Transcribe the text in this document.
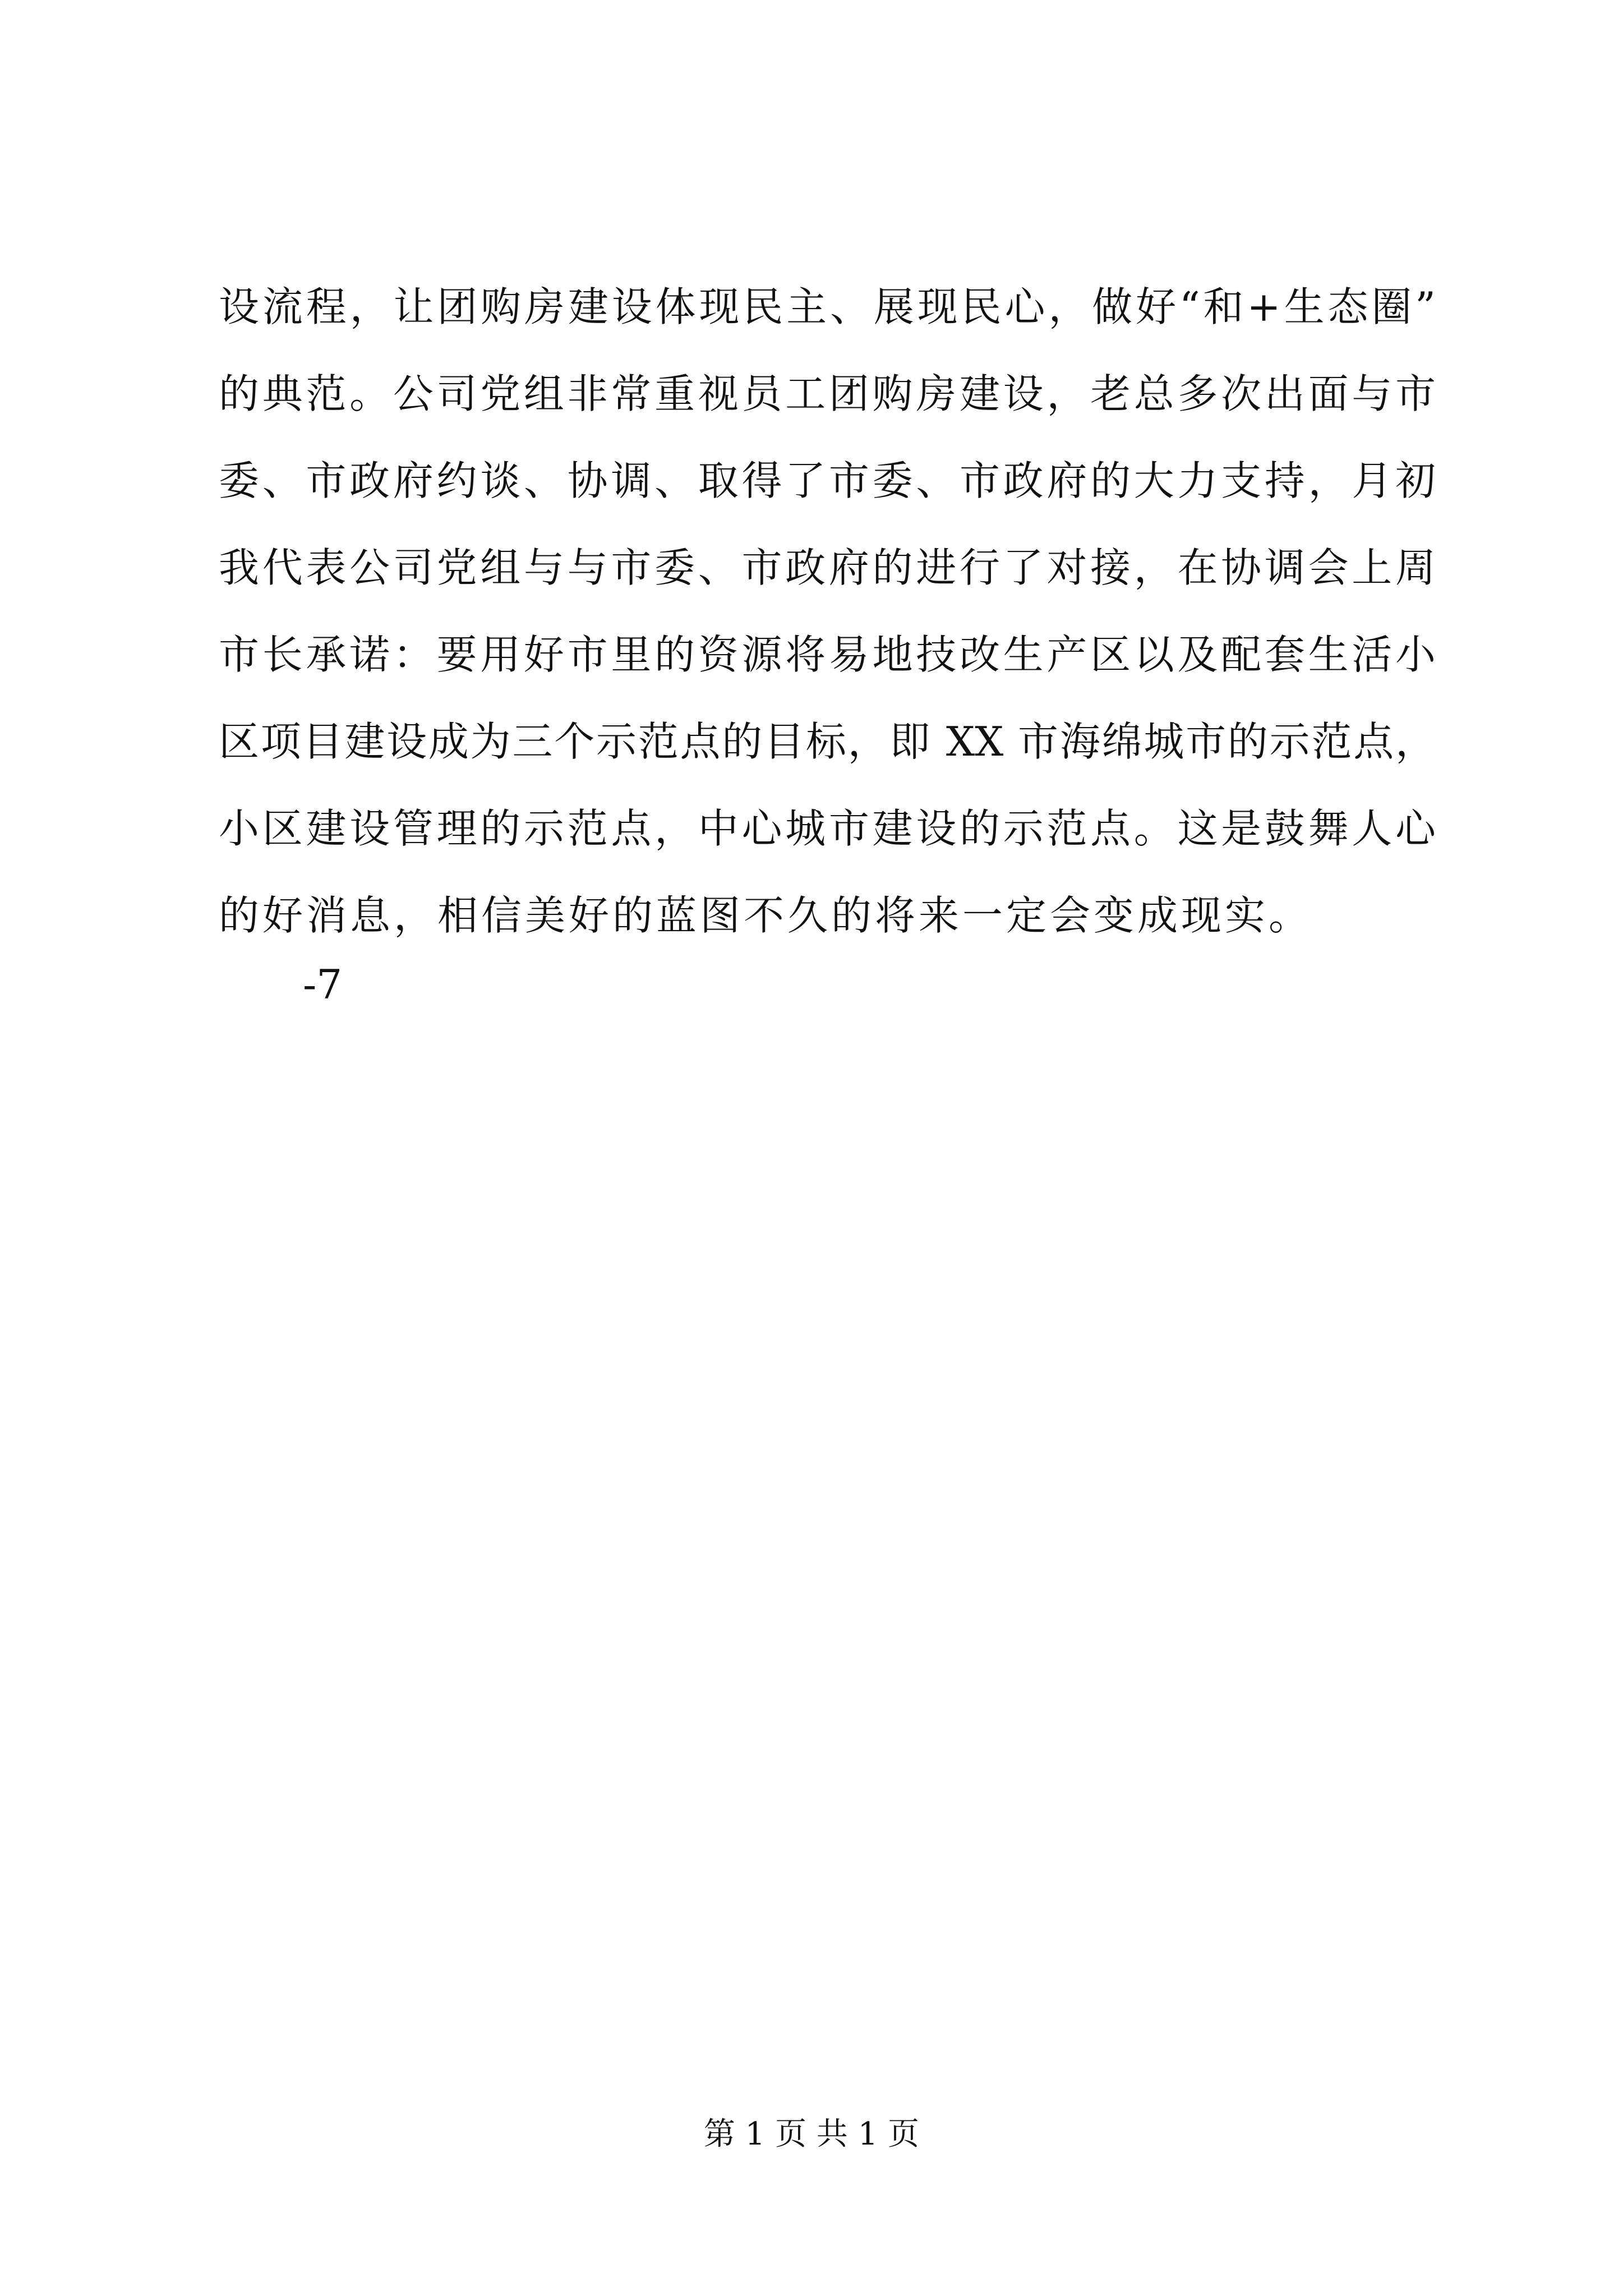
设流程，让团购房建设体现民主、展现民心，做好“和+生态圈”
的典范。公司党组非常重视员工团购房建设，老总多次出面与市
委、市政府约谈、协调、取得了市委、市政府的大力支持，月初
我代表公司党组与与市委、市政府的进行了对接，在协调会上周
市长承诺：要用好市里的资源将易地技改生产区以及配套生活小
区项目建设成为三个示范点的目标，即 XX 市海绵城市的示范点，
小区建设管理的示范点，中心城市建设的示范点。这是鼓舞人心
的好消息，相信美好的蓝图不久的将来一定会变成现实。
-7
第 1 页 共 1 页
